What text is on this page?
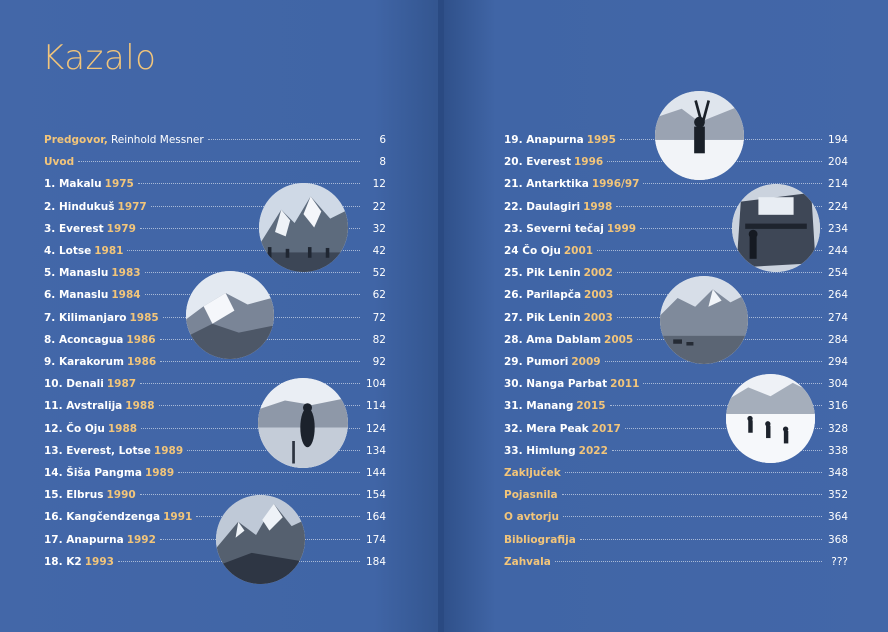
Kazalo
Predgovor, Reinhold Messner	6
Uvod	8
1. Makalu 1975	12
2. Hindukuš 1977	22
3. Everest 1979	32
4. Lotse 1981	42
5. Manaslu 1983	52
6. Manaslu 1984	62
7. Kilimanjaro 1985	72
8. Aconcagua 1986	82
9. Karakorum 1986	92
10. Denali 1987	104
11. Avstralija 1988	114
12. Čo Oju 1988	124
13. Everest, Lotse 1989	134
14. Šiša Pangma 1989	144
15. Elbrus 1990	154
16. Kangčendzenga 1991	164
17. Anapurna 1992	174
18. K2 1993	184
19. Anapurna 1995	194
20. Everest 1996	204
21. Antarktika 1996/97	214
22. Daulagiri 1998	224
23. Severni tečaj 1999	234
24 Čo Oju 2001	244
25. Pik Lenin 2002	254
26. Parilapča 2003	264
27. Pik Lenin 2003	274
28. Ama Dablam 2005	284
29. Pumori 2009	294
30. Nanga Parbat 2011	304
31. Manang 2015	316
32. Mera Peak 2017	328
33. Himlung 2022	338
Zaključek	348
Pojasnila	352
O avtorju	364
Bibliografija	368
Zahvala	???
